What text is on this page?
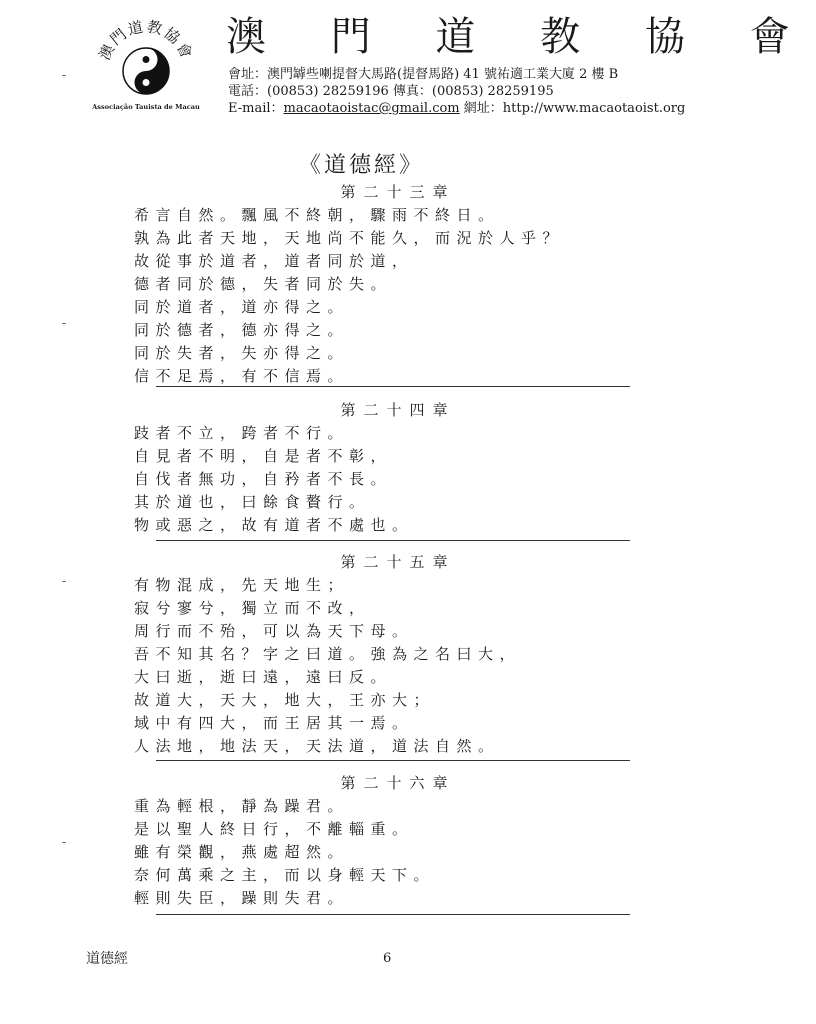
澳門道教協會
Associação Tauista de Macau
澳 門 道 教 協 會
會址：澳門罅些喇提督大馬路(提督馬路) 41 號祐適工業大廈 2 樓 B
電話：(00853) 28259196 傳真：(00853) 28259195
E-mail：macaotaoistac@gmail.com 網址：http://www.macaotaoist.org
《道德經》
第二十三章
希言自然。飄風不終朝，驟雨不終日。
孰為此者天地，天地尚不能久，而況於人乎？
故從事於道者，道者同於道，
德者同於德，失者同於失。
同於道者，道亦得之。
同於德者，德亦得之。
同於失者，失亦得之。
信不足焉，有不信焉。
第二十四章
跂者不立，跨者不行。
自見者不明，自是者不彰，
自伐者無功，自矜者不長。
其於道也，曰餘食贅行。
物或惡之，故有道者不處也。
第二十五章
有物混成，先天地生；
寂兮寥兮，獨立而不改，
周行而不殆，可以為天下母。
吾不知其名？字之曰道。強為之名曰大，
大曰逝，逝曰遠，遠曰反。
故道大，天大，地大，王亦大；
域中有四大，而王居其一焉。
人法地，地法天，天法道，道法自然。
第二十六章
重為輕根，靜為躁君。
是以聖人終日行，不離輜重。
雖有榮觀，燕處超然。
奈何萬乘之主，而以身輕天下。
輕則失臣，躁則失君。
道德經	6
-
-
-
-
